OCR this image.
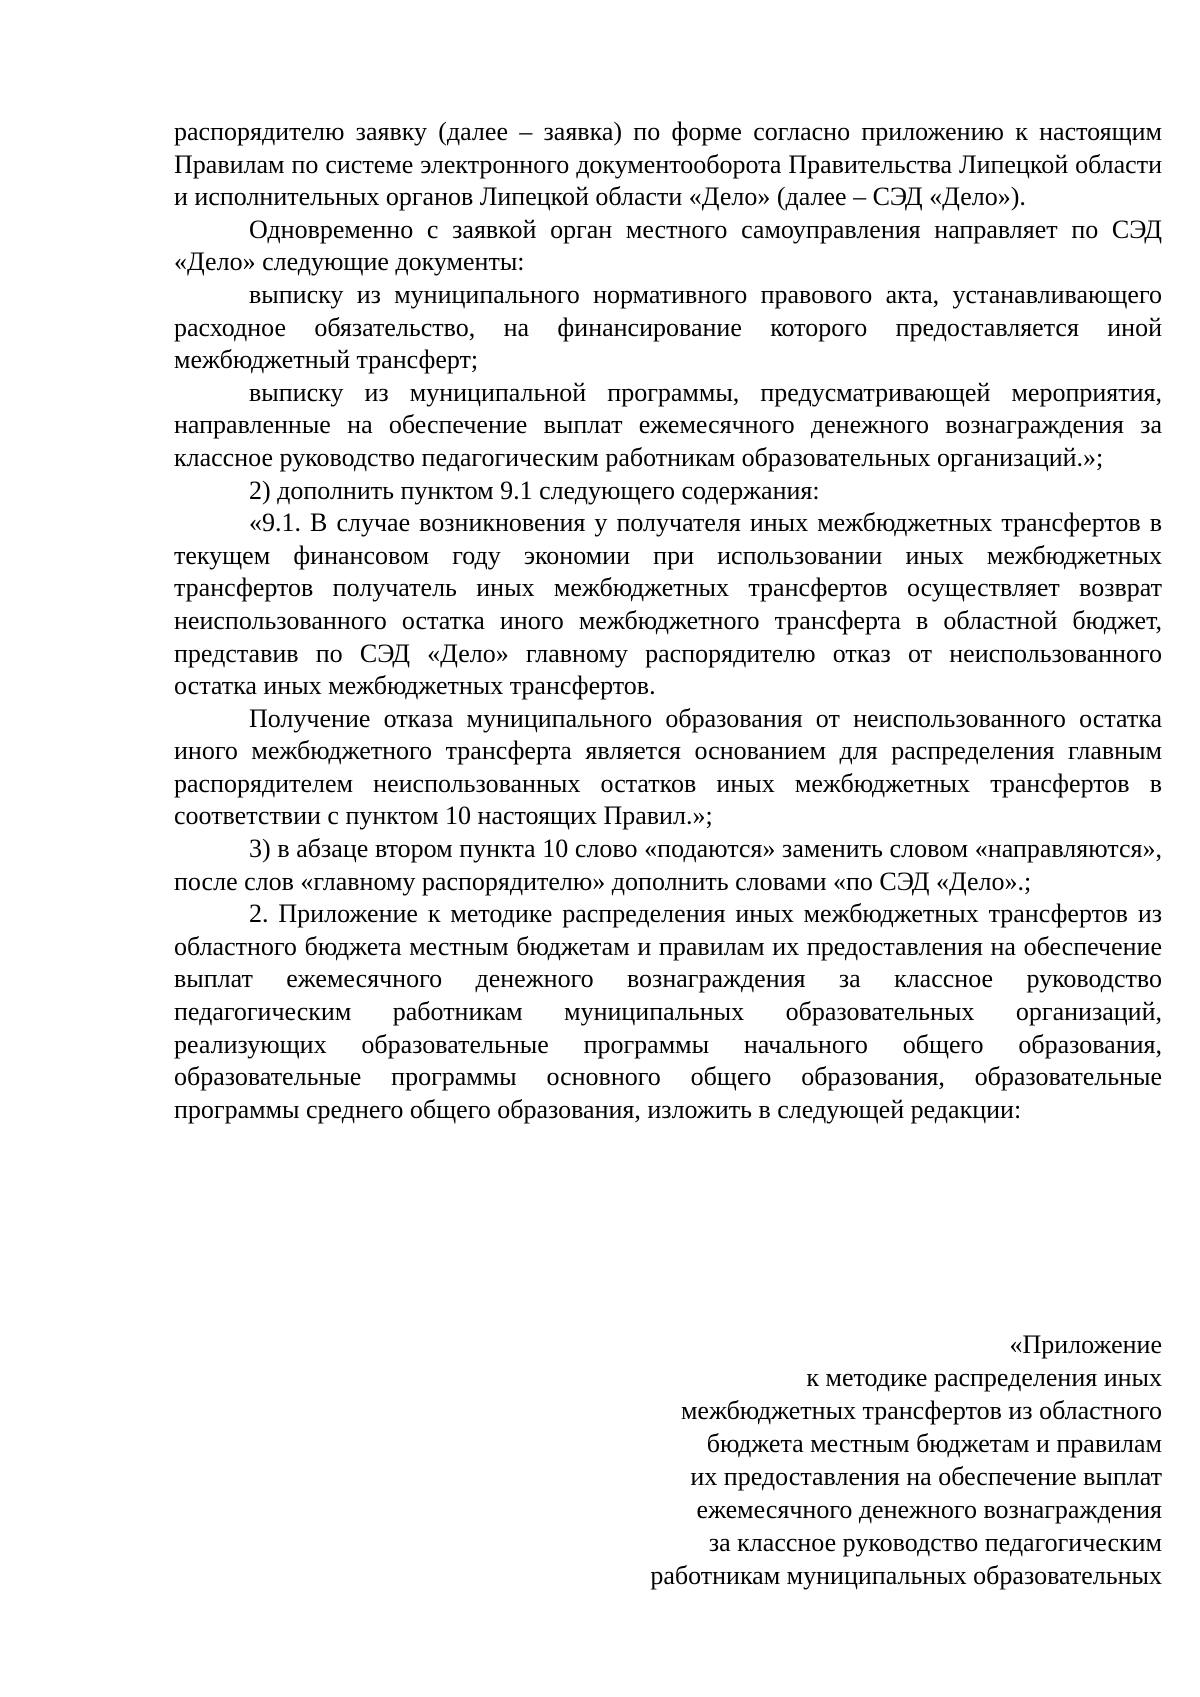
распорядителю заявку (далее – заявка) по форме согласно приложению к настоящим Правилам по системе электронного документооборота Правительства Липецкой области и исполнительных органов Липецкой области «Дело» (далее – СЭД «Дело»).

Одновременно с заявкой орган местного самоуправления направляет по СЭД «Дело» следующие документы:

выписку из муниципального нормативного правового акта, устанавливающего расходное обязательство, на финансирование которого предоставляется иной межбюджетный трансферт;

выписку из муниципальной программы, предусматривающей мероприятия, направленные на обеспечение выплат ежемесячного денежного вознаграждения за классное руководство педагогическим работникам образовательных организаций.»;

2) дополнить пунктом 9.1 следующего содержания:

«9.1. В случае возникновения у получателя иных межбюджетных трансфертов в текущем финансовом году экономии при использовании иных межбюджетных трансфертов получатель иных межбюджетных трансфертов осуществляет возврат неиспользованного остатка иного межбюджетного трансферта в областной бюджет, представив по СЭД «Дело» главному распорядителю отказ от неиспользованного остатка иных межбюджетных трансфертов.

Получение отказа муниципального образования от неиспользованного остатка иного межбюджетного трансферта является основанием для распределения главным распорядителем неиспользованных остатков иных межбюджетных трансфертов в соответствии с пунктом 10 настоящих Правил.»;

3) в абзаце втором пункта 10 слово «подаются» заменить словом «направляются», после слов «главному распорядителю» дополнить словами «по СЭД «Дело».;

2. Приложение к методике распределения иных межбюджетных трансфертов из областного бюджета местным бюджетам и правилам их предоставления на обеспечение выплат ежемесячного денежного вознаграждения за классное руководство педагогическим работникам муниципальных образовательных организаций, реализующих образовательные программы начального общего образования, образовательные программы основного общего образования, образовательные программы среднего общего образования, изложить в следующей редакции:

«Приложение
к методике распределения иных
межбюджетных трансфертов из областного
бюджета местным бюджетам и правилам
их предоставления на обеспечение выплат
ежемесячного денежного вознаграждения
за классное руководство педагогическим
работникам муниципальных образовательных
